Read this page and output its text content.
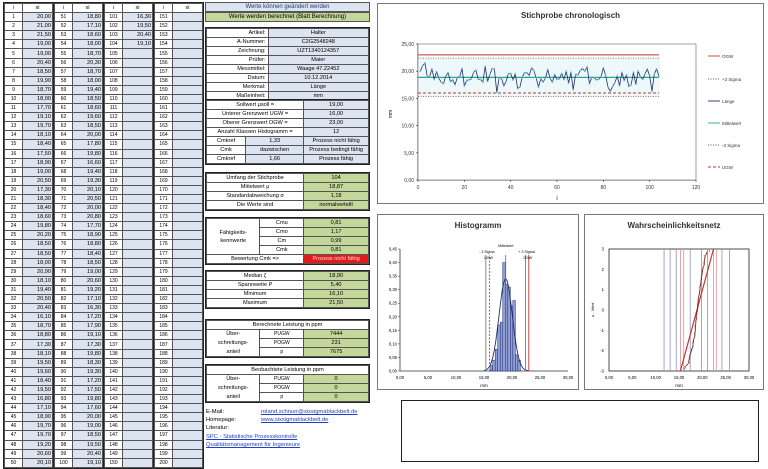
i	xi
1	20,00
2	21,00
3	21,50
4	19,00
5	19,00
6	20,40
7	18,50
8	19,90
9	18,70
10	18,00
11	17,70
12	19,10
13	19,70
14	18,10
15	18,40
16	17,50
17	18,90
18	19,00
19	20,50
20	17,30
21	18,30
22	18,40
23	18,60
24	19,80
25	20,20
26	18,50
27	18,50
28	18,00
29	20,90
30	18,10
31	19,40
32	20,50
33	20,40
34	16,10
35	18,70
36	18,80
37	17,30
38	18,10
39	19,50
40	19,60
41	18,40
42	19,50
43	16,80
44	17,10
45	18,90
46	19,70
47	19,70
48	19,20
49	20,60
50	20,10
i	xi
51	18,80
52	17,10
53	18,60
54	18,00
55	18,70
56	20,30
57	18,70
58	18,00
59	19,40
60	18,50
61	18,60
62	19,60
63	18,50
64	20,00
65	17,80
66	19,80
67	16,60
68	19,40
69	19,30
70	20,10
71	20,50
72	20,00
73	20,80
74	17,70
75	18,90
76	18,80
77	18,40
78	18,50
79	19,00
80	20,60
81	19,20
82	17,10
83	16,30
84	17,20
85	17,90
86	19,10
87	17,30
88	19,80
89	18,30
90	19,30
91	17,20
92	17,50
93	19,80
94	17,60
95	20,00
96	19,00
97	18,50
98	19,50
99	20,40
100	19,10
i	xi
101	16,30
102	19,50
103	20,40
104	19,10
105	
106	
107	
108	
109	
110	
111	
112	
113	
114	
115	
116	
117	
118	
119	
120	
121	
122	
123	
124	
125	
126	
127	
128	
129	
130	
131	
132	
133	
134	
135	
136	
137	
138	
139	
140	
141	
142	
143	
144	
145	
146	
147	
148	
149	
150	
i	xi
151	
152	
153	
154	
155	
156	
157	
158	
159	
160	
161	
162	
163	
164	
165	
166	
167	
168	
169	
170	
171	
172	
173	
174	
175	
176	
177	
178	
179	
180	
181	
182	
183	
184	
185	
186	
187	
188	
189	
190	
191	
192	
193	
194	
195	
196	
197	
198	
199	
200	
Werte können geändert werden
Werte werden berechnet (Blatt Berechnung)
Artikel:	Halter
A-Nummer:	C2G2548248
Zeichnung:	UZT1340124357
Prüfer:	Maier
Messmittel:	Waage 47.22452
Datum:	10.12.2014
Merkmal:	Länge
Maßeinheit:	mm
Sollwert μsoll =		19,00
Unterer Grenzwert UGW =		16,00
Oberer Grenzwert OGW =		23,00
Anzahl Klassen Histogramm =		12
Cmkref	1,33	Prozess nicht fähig
Cmk	dazwischen	Prozess bedingt fähig
Cmkref	1,66	Prozess fähig
Umfang der Stichprobe	104
Mittelwert μ	18,87
Standardabweichung σ	1,18
Die Werte sind	normalverteilt
Fähigkeits-
kennwerte	Cmu	0,81
	Cmo	1,17
	Cm	0,99
	Cmk	0,81
Bewertung Cmk =>		Prozess nicht fähig
Median ζ	18,90
Spannweite P	5,40
Minimum	16,10
Maximum	21,50
Berechnete Leistung in ppm		
Über-	PUGW	7444
schreitungs-	POGW	231
anteil	p	7675
Beobachtete Leistung in ppm		
Über-	PUGW	0
schreitungs-	POGW	0
anteil	p	0
E-Mail:	roland.schnurr@sixsigmablackbelt.de
Homepage:	www.sixsigmablackbelt.de
Literatur:
SPC - Statistische Prozesskontrolle
Qualitätsmanagement für Ingenieure
Stichprobe chronologisch
0,00
5,00
10,00
15,00
20,00
25,00
0	20	40	60	80	100	120
i
mm
OGW
+3 Sigma
Länge
Mittelwert
-3 Sigma
UGW
Histogramm
0,00
0,05
0,10
0,15
0,20
0,25
0,30
0,35
0,40
0,45
0,00	5,00	10,00	15,00	20,00	25,00	30,00
mm
- 3 Sigma
UGW
Mittelwert
+ 3 Sigma
OGW
Wahrscheinlichkeitsnetz
-3
-2
-1
0
1
2
3
0,00	5,00	10,00	15,00	20,00	25,00	30,00
mm
u - Wert
